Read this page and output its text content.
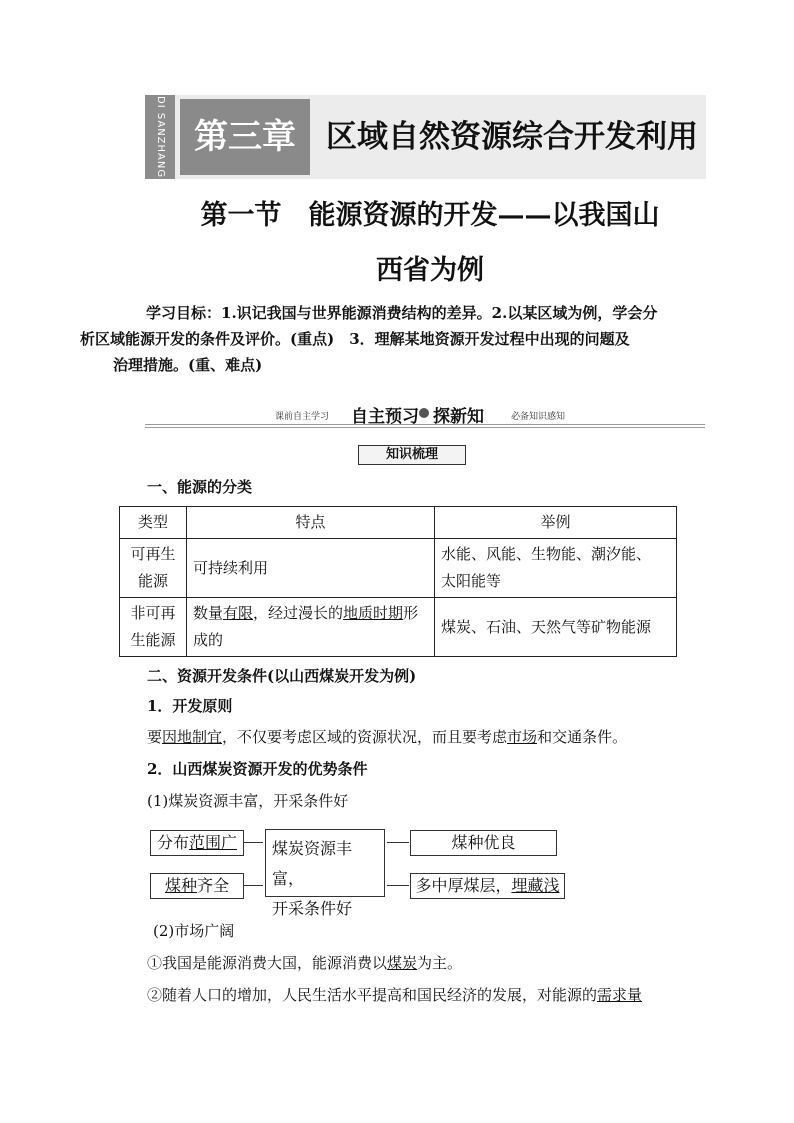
DI SANZHANG 第三章 区域自然资源综合开发利用
第一节　能源资源的开发——以我国山
西省为例
学习目标：1.识记我国与世界能源消费结构的差异。2.以某区域为例，学会分
析区域能源开发的条件及评价。(重点)　3．理解某地资源开发过程中出现的问题及
治理措施。(重、难点)
课前自主学习 自主预习 探新知	必备知识感知
知识梳理
一、能源的分类
类型	特点	举例
可再生
能源	可持续利用	水能、风能、生物能、潮汐能、
太阳能等
非可再
生能源	数量有限，经过漫长的地质时期形
成的	煤炭、石油、天然气等矿物能源
二、资源开发条件(以山西煤炭开发为例)
1．开发原则
要因地制宜，不仅要考虑区域的资源状况，而且要考虑市场和交通条件。
2．山西煤炭资源开发的优势条件
(1)煤炭资源丰富，开采条件好
分布范围广
煤种齐全
煤炭资源丰富，
开采条件好
煤种优良
多中厚煤层，埋藏浅
(2)市场广阔
①我国是能源消费大国，能源消费以煤炭为主。
②随着人口的增加，人民生活水平提高和国民经济的发展，对能源的需求量
